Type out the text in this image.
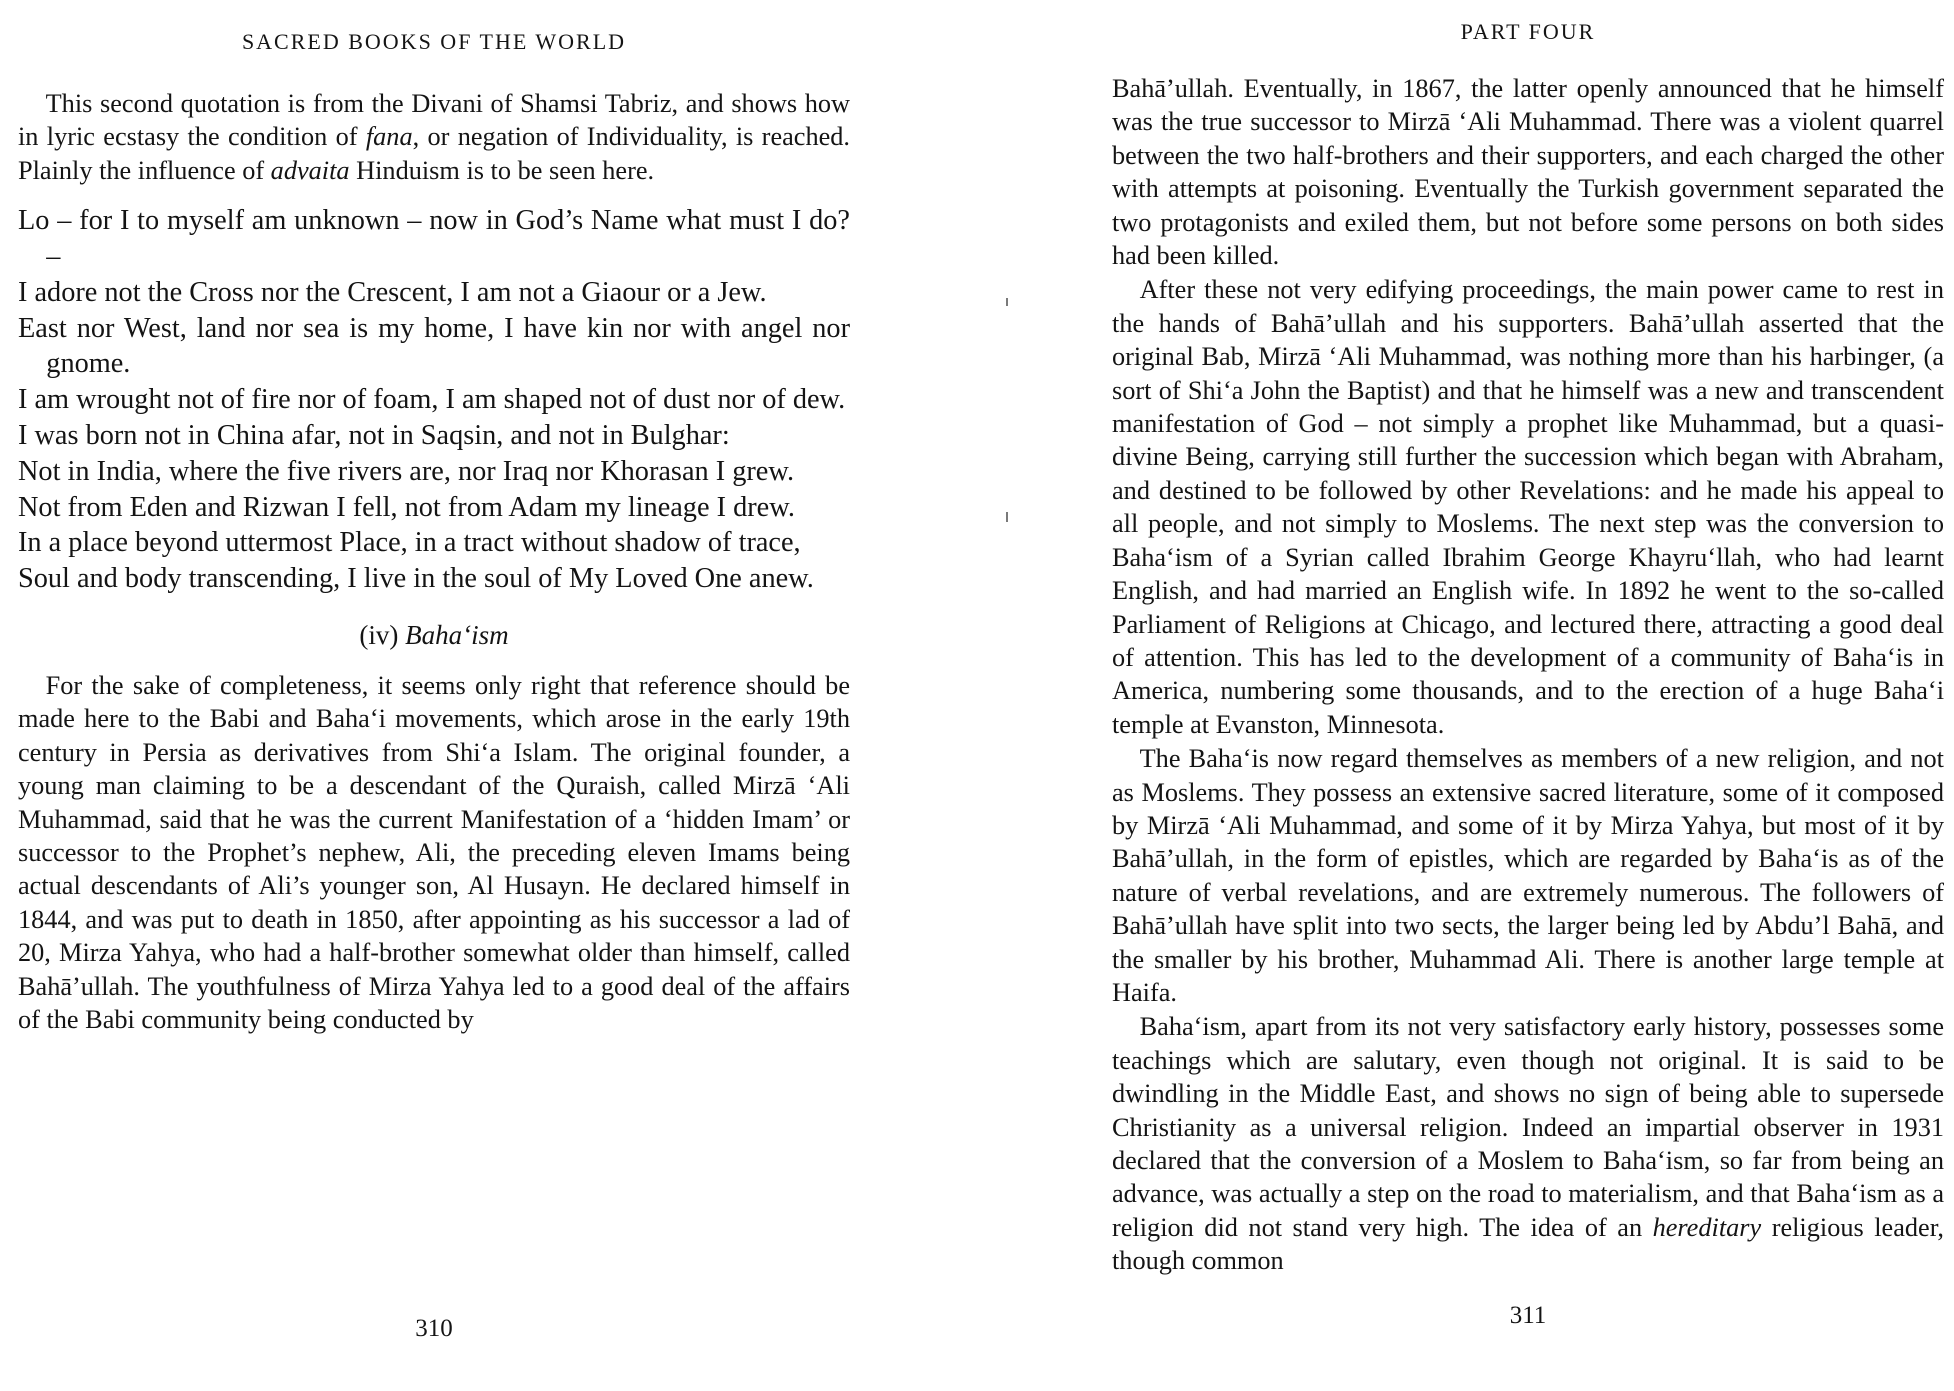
SACRED BOOKS OF THE WORLD

This second quotation is from the Divani of Shamsi Tabriz, and shows how in lyric ecstasy the condition of fana, or negation of Individuality, is reached. Plainly the influence of advaita Hinduism is to be seen here.

Lo – for I to myself am unknown – now in God’s Name what must I do? –

I adore not the Cross nor the Crescent, I am not a Giaour or a Jew.

East nor West, land nor sea is my home, I have kin nor with angel nor gnome.

I am wrought not of fire nor of foam, I am shaped not of dust nor of dew.

I was born not in China afar, not in Saqsin, and not in Bulghar:

Not in India, where the five rivers are, nor Iraq nor Khorasan I grew.

Not from Eden and Rizwan I fell, not from Adam my lineage I drew.

In a place beyond uttermost Place, in a tract without shadow of trace,

Soul and body transcending, I live in the soul of My Loved One anew.

(iv) Baha‘ism

For the sake of completeness, it seems only right that reference should be made here to the Babi and Baha‘i movements, which arose in the early 19th century in Persia as derivatives from Shi‘a Islam. The original founder, a young man claiming to be a descendant of the Quraish, called Mirzā ‘Ali Muhammad, said that he was the current Manifestation of a ‘hidden Imam’ or successor to the Prophet’s nephew, Ali, the preceding eleven Imams being actual descendants of Ali’s younger son, Al Husayn. He declared himself in 1844, and was put to death in 1850, after appointing as his successor a lad of 20, Mirza Yahya, who had a half-brother somewhat older than himself, called Bahā’ullah. The youthfulness of Mirza Yahya led to a good deal of the affairs of the Babi community being conducted by

310

PART FOUR

Bahā’ullah. Eventually, in 1867, the latter openly announced that he himself was the true successor to Mirzā ‘Ali Muhammad. There was a violent quarrel between the two half-brothers and their supporters, and each charged the other with attempts at poisoning. Eventually the Turkish government separated the two protagonists and exiled them, but not before some persons on both sides had been killed.

After these not very edifying proceedings, the main power came to rest in the hands of Bahā’ullah and his supporters. Bahā’ullah asserted that the original Bab, Mirzā ‘Ali Muhammad, was nothing more than his harbinger, (a sort of Shi‘a John the Baptist) and that he himself was a new and transcendent manifestation of God – not simply a prophet like Muhammad, but a quasi-divine Being, carrying still further the succession which began with Abraham, and destined to be followed by other Revelations: and he made his appeal to all people, and not simply to Moslems. The next step was the conversion to Baha‘ism of a Syrian called Ibrahim George Khayru‘llah, who had learnt English, and had married an English wife. In 1892 he went to the so-called Parliament of Religions at Chicago, and lectured there, attracting a good deal of attention. This has led to the development of a community of Baha‘is in America, numbering some thousands, and to the erection of a huge Baha‘i temple at Evanston, Minnesota.

The Baha‘is now regard themselves as members of a new religion, and not as Moslems. They possess an extensive sacred literature, some of it composed by Mirzā ‘Ali Muhammad, and some of it by Mirza Yahya, but most of it by Bahā’ullah, in the form of epistles, which are regarded by Baha‘is as of the nature of verbal revelations, and are extremely numerous. The followers of Bahā’ullah have split into two sects, the larger being led by Abdu’l Bahā, and the smaller by his brother, Muhammad Ali. There is another large temple at Haifa.

Baha‘ism, apart from its not very satisfactory early history, possesses some teachings which are salutary, even though not original. It is said to be dwindling in the Middle East, and shows no sign of being able to supersede Christianity as a universal religion. Indeed an impartial observer in 1931 declared that the conversion of a Moslem to Baha‘ism, so far from being an advance, was actually a step on the road to materialism, and that Baha‘ism as a religion did not stand very high. The idea of an hereditary religious leader, though common

311
